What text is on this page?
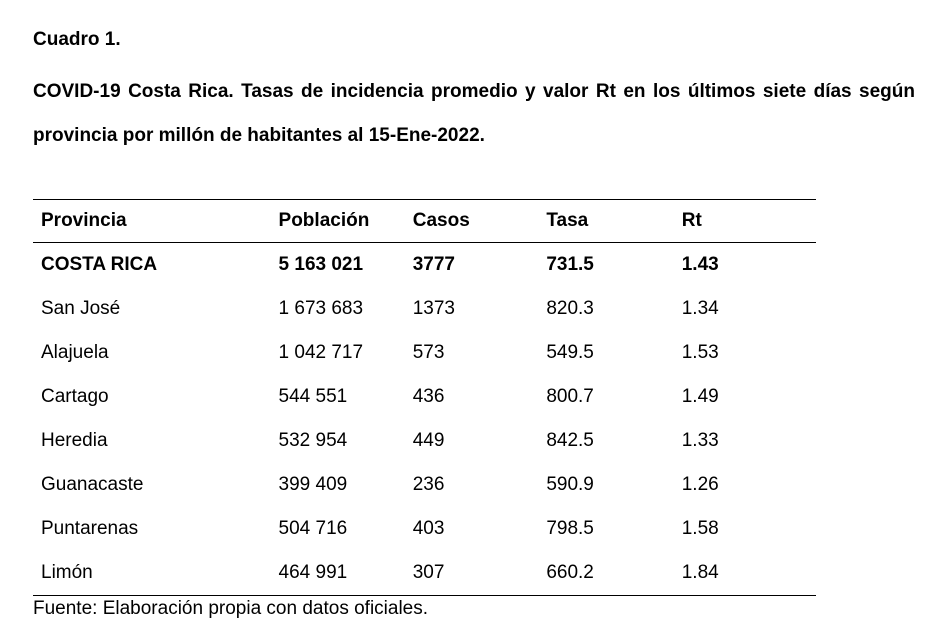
Cuadro 1.
COVID-19 Costa Rica. Tasas de incidencia promedio y valor Rt en los últimos siete días según provincia por millón de habitantes al 15-Ene-2022.
Provincia	Población	Casos	Tasa	Rt
COSTA RICA	5 163 021	3777	731.5	1.43
San José	1 673 683	1373	820.3	1.34
Alajuela	1 042 717	573	549.5	1.53
Cartago	544 551	436	800.7	1.49
Heredia	532 954	449	842.5	1.33
Guanacaste	399 409	236	590.9	1.26
Puntarenas	504 716	403	798.5	1.58
Limón	464 991	307	660.2	1.84
Fuente: Elaboración propia con datos oficiales.
